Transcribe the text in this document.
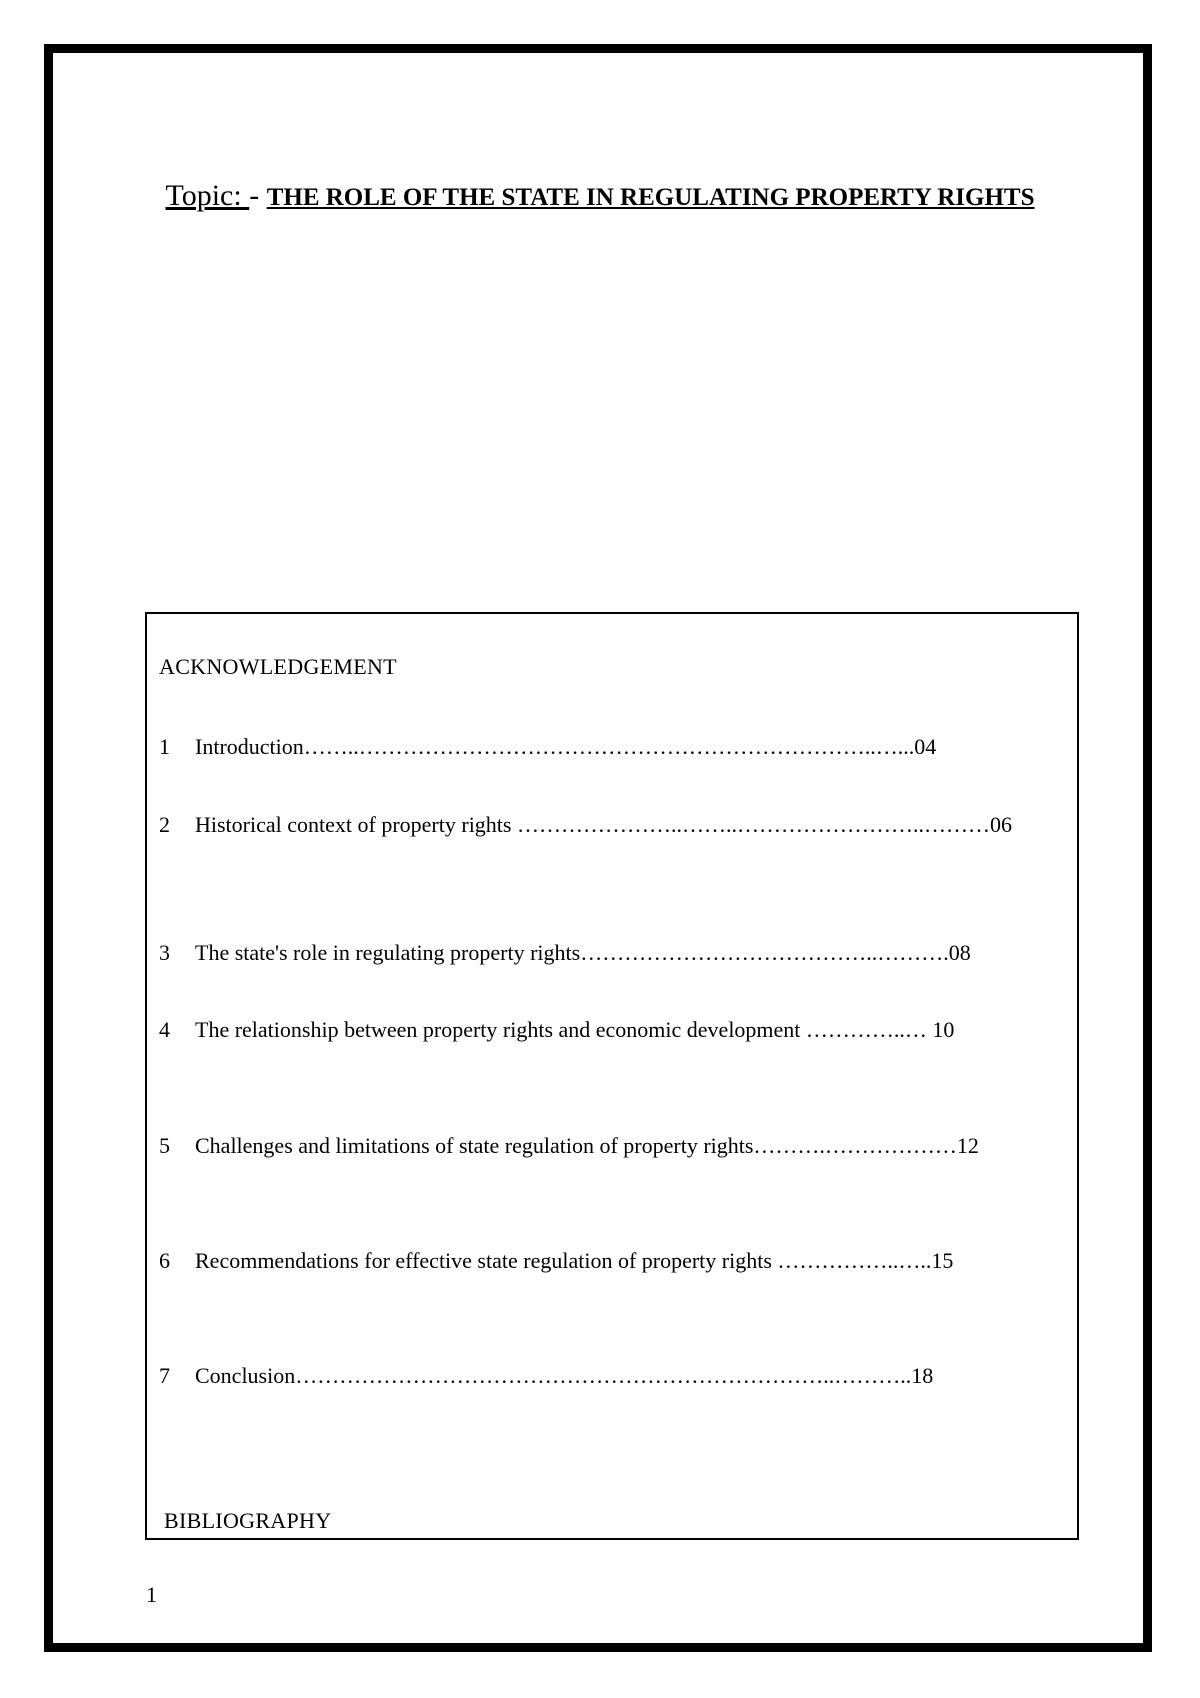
Topic: - THE ROLE OF THE STATE IN REGULATING PROPERTY RIGHTS
ACKNOWLEDGEMENT
1	Introduction……..……………………………………………………………..…...04
2	Historical context of property rights …………………..……..……………………..………06
3	The state's role in regulating property rights…………………………………..……….08
4	The relationship between property rights and economic development …………..… 10
5	Challenges and limitations of state regulation of property rights……….………………12
6	Recommendations for effective state regulation of property rights ……………..…..15
7	Conclusion………………………………………………………………..………..18
BIBLIOGRAPHY
1
